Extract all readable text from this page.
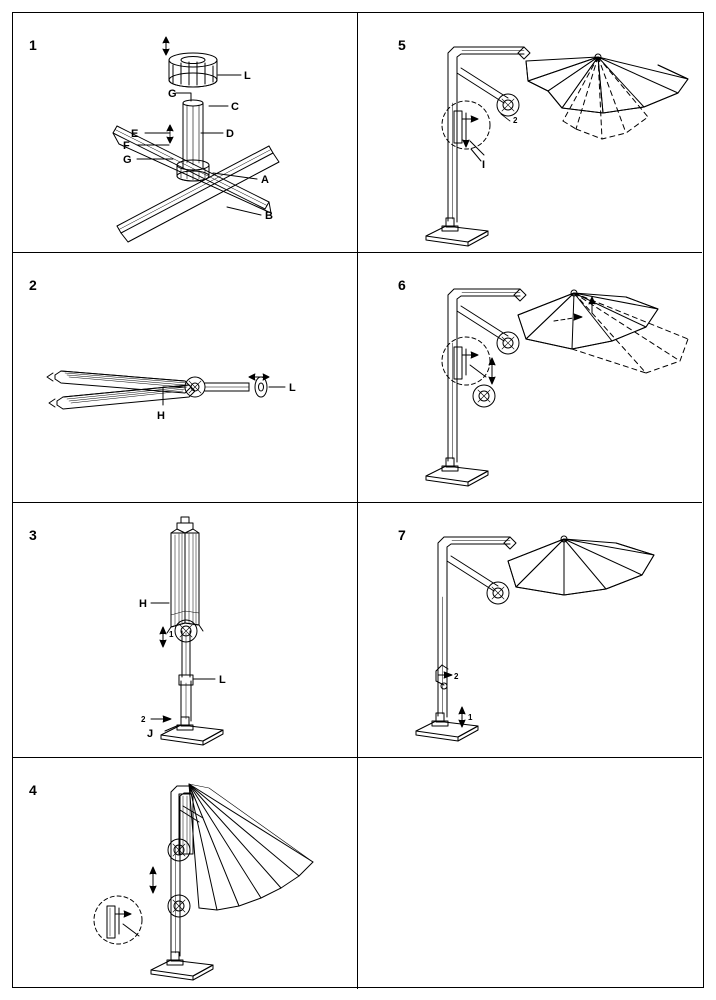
1
L
C
G
D
E
F
G
A
B
5
I
2
2
H
L
6
3
H
L
J
1
2
7
2
1
4
